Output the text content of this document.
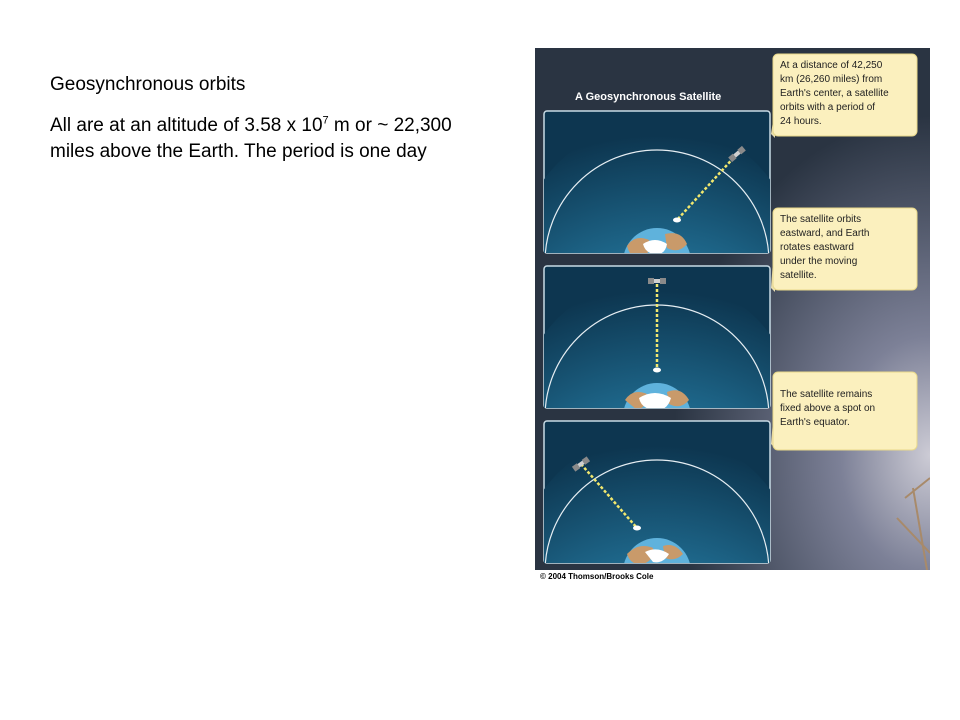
Geosynchronous orbits

All are at an altitude of 3.58 x $10^7$ m or ~ 22,300 miles above the Earth. The period is one day

A Geosynchronous Satellite
At a distance of 42,250 km (26,260 miles) from Earth's center, a satellite orbits with a period of 24 hours.
The satellite orbits eastward, and Earth rotates eastward under the moving satellite.
The satellite remains fixed above a spot on Earth's equator.
© 2004 Thomson/Brooks Cole
